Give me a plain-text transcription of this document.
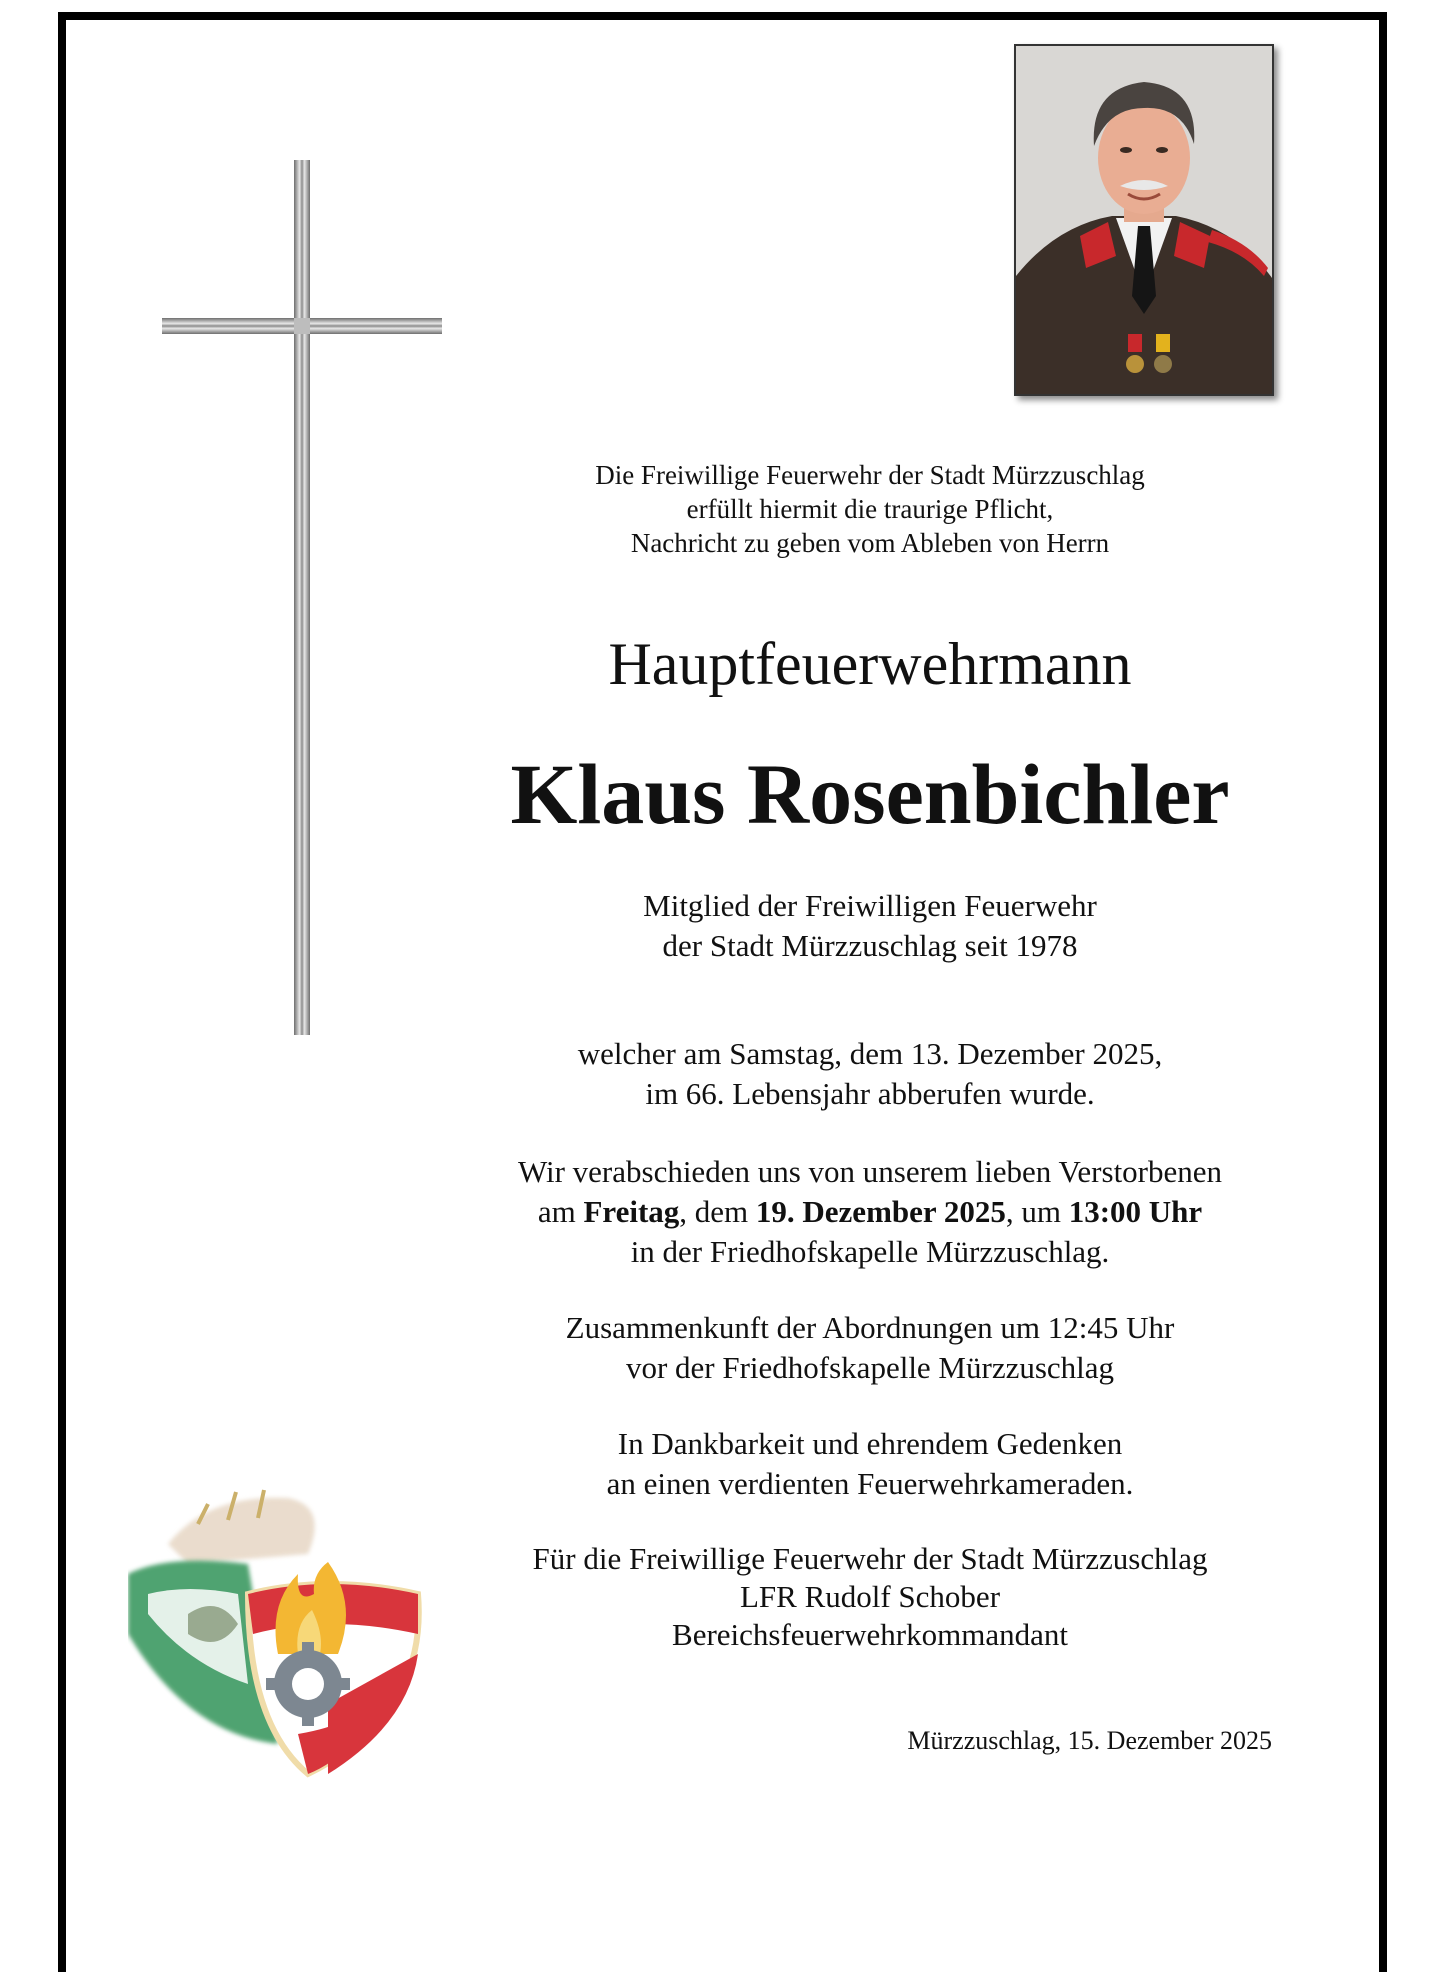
Die Freiwillige Feuerwehr der Stadt Mürzzuschlag
erfüllt hiermit die traurige Pflicht,
Nachricht zu geben vom Ableben von Herrn
Hauptfeuerwehrmann
Klaus Rosenbichler
Mitglied der Freiwilligen Feuerwehr
der Stadt Mürzzuschlag seit 1978
welcher am Samstag, dem 13. Dezember 2025,
im 66. Lebensjahr abberufen wurde.
Wir verabschieden uns von unserem lieben Verstorbenen
am Freitag, dem 19. Dezember 2025, um 13:00 Uhr
in der Friedhofskapelle Mürzzuschlag.
Zusammenkunft der Abordnungen um 12:45 Uhr
vor der Friedhofskapelle Mürzzuschlag
In Dankbarkeit und ehrendem Gedenken
an einen verdienten Feuerwehrkameraden.
Für die Freiwillige Feuerwehr der Stadt Mürzzuschlag
LFR Rudolf Schober
Bereichsfeuerwehrkommandant
Mürzzuschlag, 15. Dezember 2025
